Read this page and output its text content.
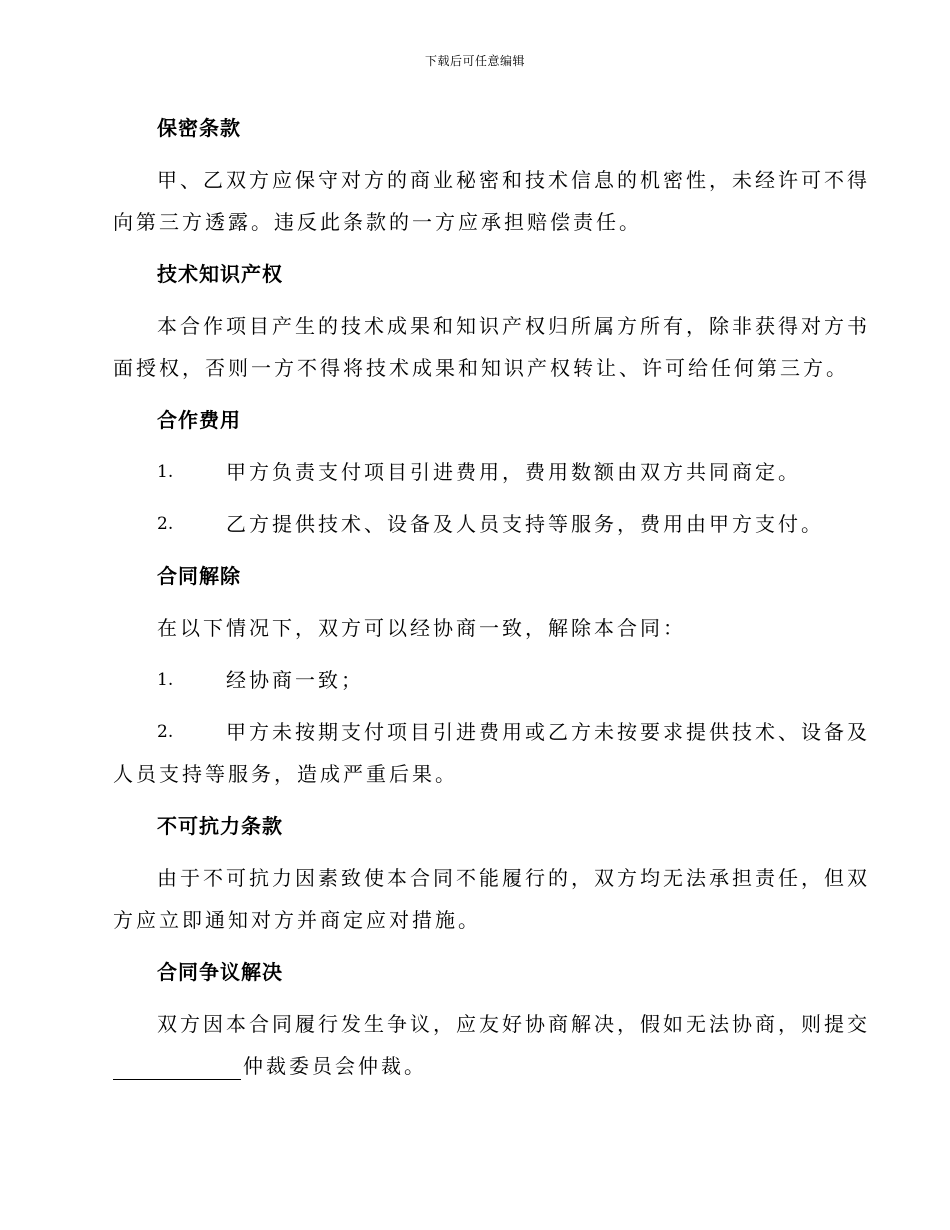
下载后可任意编辑
保密条款
甲、乙双方应保守对方的商业秘密和技术信息的机密性，未经许可不得
向第三方透露。违反此条款的一方应承担赔偿责任。
技术知识产权
本合作项目产生的技术成果和知识产权归所属方所有，除非获得对方书
面授权，否则一方不得将技术成果和知识产权转让、许可给任何第三方。
合作费用
1.	甲方负责支付项目引进费用，费用数额由双方共同商定。
2.	乙方提供技术、设备及人员支持等服务，费用由甲方支付。
合同解除
在以下情况下，双方可以经协商一致，解除本合同：
1.	经协商一致；
2.	甲方未按期支付项目引进费用或乙方未按要求提供技术、设备及
人员支持等服务，造成严重后果。
不可抗力条款
由于不可抗力因素致使本合同不能履行的，双方均无法承担责任，但双
方应立即通知对方并商定应对措施。
合同争议解决
双方因本合同履行发生争议，应友好协商解决，假如无法协商，则提交
仲裁委员会仲裁。
